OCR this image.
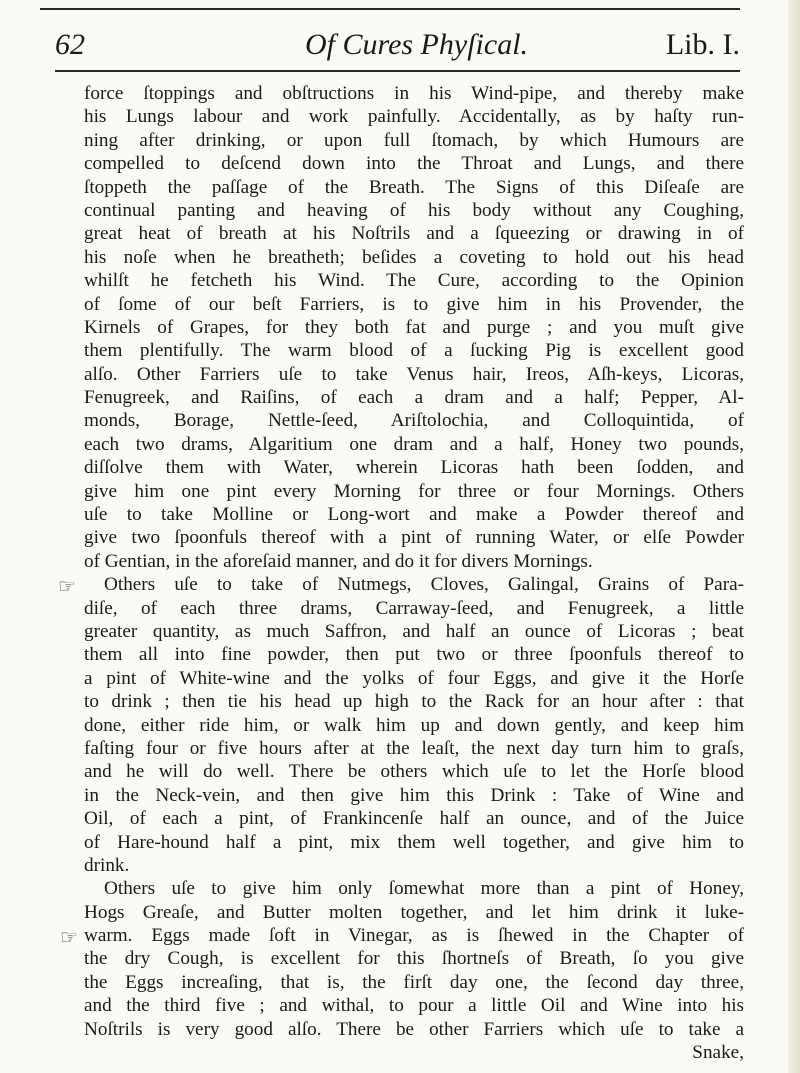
62	Of Cures Phyſical.	Lib. I.
☞
☞
force ſtoppings and obſtructions in his Wind-pipe, and thereby make
his Lungs labour and work painfully. Accidentally, as by haſty run-
ning after drinking, or upon full ſtomach, by which Humours are
compelled to deſcend down into the Throat and Lungs, and there
ſtoppeth the paſſage of the Breath. The Signs of this Diſeaſe are
continual panting and heaving of his body without any Coughing,
great heat of breath at his Noſtrils and a ſqueezing or drawing in of
his noſe when he breatheth; beſides a coveting to hold out his head
whilſt he fetcheth his Wind. The Cure, according to the Opinion
of ſome of our beſt Farriers, is to give him in his Provender, the
Kirnels of Grapes, for they both fat and purge ; and you muſt give
them plentifully. The warm blood of a ſucking Pig is excellent good
alſo. Other Farriers uſe to take Venus hair, Ireos, Aſh-keys, Licoras,
Fenugreek, and Raiſins, of each a dram and a half; Pepper, Al-
monds, Borage, Nettle-ſeed, Ariſtolochia, and Colloquintida, of
each two drams, Algaritium one dram and a half, Honey two pounds,
diſſolve them with Water, wherein Licoras hath been ſodden, and
give him one pint every Morning for three or four Mornings. Others
uſe to take Molline or Long-wort and make a Powder thereof and
give two ſpoonfuls thereof with a pint of running Water, or elſe Powder
of Gentian, in the aforeſaid manner, and do it for divers Mornings.
Others uſe to take of Nutmegs, Cloves, Galingal, Grains of Para-
diſe, of each three drams, Carraway-ſeed, and Fenugreek, a little
greater quantity, as much Saffron, and half an ounce of Licoras ; beat
them all into fine powder, then put two or three ſpoonfuls thereof to
a pint of White-wine and the yolks of four Eggs, and give it the Horſe
to drink ; then tie his head up high to the Rack for an hour after : that
done, either ride him, or walk him up and down gently, and keep him
faſting four or five hours after at the leaſt, the next day turn him to graſs,
and he will do well. There be others which uſe to let the Horſe blood
in the Neck-vein, and then give him this Drink : Take of Wine and
Oil, of each a pint, of Frankincenſe half an ounce, and of the Juice
of Hare-hound half a pint, mix them well together, and give him to
drink.
Others uſe to give him only ſomewhat more than a pint of Honey,
Hogs Greaſe, and Butter molten together, and let him drink it luke-
warm. Eggs made ſoft in Vinegar, as is ſhewed in the Chapter of
the dry Cough, is excellent for this ſhortneſs of Breath, ſo you give
the Eggs increaſing, that is, the firſt day one, the ſecond day three,
and the third five ; and withal, to pour a little Oil and Wine into his
Noſtrils is very good alſo. There be other Farriers which uſe to take a
Snake,
